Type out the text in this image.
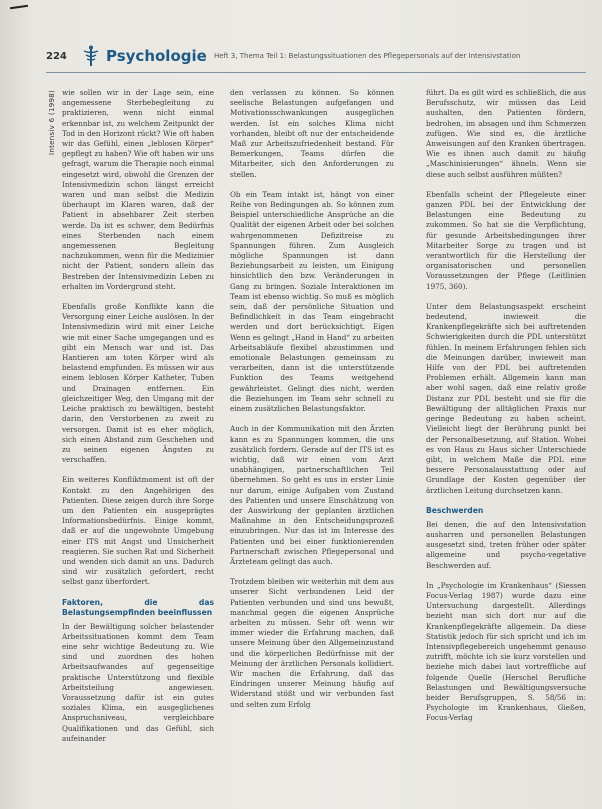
224	Psychologie Heft 3, Thema Teil 1: Belastungssituationen des Pflegepersonals auf der Intensivstation
Intensiv 6 (1998) wie sollen wir in der Lage sein, eine angemessene Sterbebegleitung zu praktizieren, wenn nicht einmal erkennbar ist, zu welchem Zeitpunkt der Tod in den Horizont rückt? Wie oft haben wir das Gefühl, einen „leblosen Körper“ gepflegt zu haben? Wie oft haben wir uns gefragt, warum die Therapie noch einmal eingesetzt wird, obwohl die Grenzen der Intensivmedizin schon längst erreicht waren und man selbst die Medizin überhaupt im Klaren waren, daß der Patient in absehbarer Zeit sterben werde. Da ist es schwer, dem Bedürfnis eines Sterbenden nach einem angemessenen Begleitung nachzukommen, wenn für die Medizinier nicht der Patient, sondern allein das Bestreben der Intensivmedizin Leben zu erhalten im Vordergrund steht.

Ebenfalls große Konflikte kann die Versorgung einer Leiche auslösen. In der Intensivmedizin wird mit einer Leiche wie mit einer Sache umgegangen und es gibt ein Mensch war und ist. Das Hantieren am toten Körper wird als belastend empfunden. Es müssen wir aus einem leblosen Körper Katheter, Tuben und Drainagen entfernen. Ein gleichzeitiger Weg, den Umgang mit der Leiche praktisch zu bewältigen, besteht darin, den Verstorbenen zu zweit zu versorgen. Damit ist es eher möglich, sich einen Abstand zum Geschehen und zu seinen eigenen Ängsten zu verschaffen.

Ein weiteres Konfliktmoment ist oft der Kontakt zu den Angehörigen des Patienten. Diese zeigen durch ihre Sorge um den Patienten ein ausgeprägtes Informationsbedürfnis. Einige kommt, daß er auf die ungewohnte Umgebung einer ITS mit Angst und Unsicherheit reagieren. Sie suchen Rat und Sicherheit und wenden sich damit an uns. Dadurch sind wir zusätzlich gefordert, recht selbst ganz überfordert.

Faktoren, die das Belastungsempfinden beeinflussen

In der Bewältigung solcher belastender Arbeitssituationen kommt dem Team eine sehr wichtige Bedeutung zu. Wie sind und zuordnen des hohen Arbeitsaufwandes auf gegenseitige praktische Unterstützung und flexible Arbeitsteilung angewiesen. Voraussetzung dafür ist ein gutes soziales Klima, ein ausgeglichenes Anspruchsniveau, vergleichbare Qualifikationen und das Gefühl, sich aufeinander

den verlassen zu können. So können seelische Belastungen aufgefangen und Motivationsschwankungen ausgeglichen werden. Ist ein solches Klima nicht vorhanden, bleibt oft nur der entscheidende Maß zur Arbeitszufriedenheit bestand. Für Bemerkungen, Teams dürfen die Mitarbeiter, sich den Anforderungen zu stellen.

Ob ein Team intakt ist, hängt von einer Reihe von Bedingungen ab. So können zum Beispiel unterschiedliche Ansprüche an die Qualität der eigenen Arbeit oder bei solchen wahrgenommenen Defizitreise zu Spannungen führen. Zum Ausgleich mögliche Spannungen ist dann Beziehungsarbeit zu leisten, um Einigung hinsichtlich den bzw. Veränderungen in Gang zu bringen. Soziale Interaktionen im Team ist ebenso wichtig. So muß es möglich sein, daß der persönliche Situation und Befindlichkeit in das Team eingebracht werden und dort berücksichtigt. Eigen Wenn es gelingt „Hand in Hand“ zu arbeiten Arbeitsabläufe flexibel abzustimmen und emotionale Belastungen gemeinsam zu verarbeiten, dann ist die unterstützende Funktion des Teams weitgehend gewährleistet. Gelingt dies nicht, werden die Beziehungen im Team sehr schnell zu einem zusätzlichen Belastungsfaktor.

Auch in der Kommunikation mit den Ärzten kann es zu Spannungen kommen, die uns zusätzlich fordern. Gerade auf der ITS ist es wichtig, daß wir einen vom Arzt unabhängigen, partnerschaftlichen Teil übernehmen. So geht es uns in erster Linie nur darum, einige Aufgaben vom Zustand des Patienten und unsere Einschätzung von der Auswirkung der geplanten ärztlichen Maßnahme in den Entscheidungsprozeß einzubringen. Nur das ist im Interesse des Patienten und bei einer funktionierenden Partnerschaft zwischen Pflegepersonal und Ärzteteam gelingt das auch.

Trotzdem bleiben wir weiterhin mit dem aus unserer Sicht verbundenen Leid der Patienten verbunden und sind uns bewußt, manchmal gegen die eigenen Ansprüche arbeiten zu müssen. Sehr oft wenn wir immer wieder die Erfahrung machen, daß unsere Meinung über den Allgemeinzustand und die körperlichen Bedürfnisse mit der Meinung der ärztlichen Personals kollidiert. Wir machen die Erfahrung, daß das Eindringen unserer Meinung häufig auf Widerstand stößt und wir verbunden fast und selten zum Erfolg

führt. Da es gilt wird es schließlich, die aus Berufsschutz, wir müssen das Leid aushalten, den Patienten fördern, bedrohen, im absagen und ihm Schmerzen zufügen. Wie sind es, die ärztliche Anweisungen auf den Kranken übertragen. Wie es ihnen auch damit zu häufig „Maschinisierungen“ ähneln. Wenn sie diese auch selbst ausführen müßten?

Ebenfalls scheint der Pflegeleute einer ganzen PDL bei der Entwicklung der Belastungen eine Bedeutung zu zukommen. So hat sie die Verpflichtung, für gesunde Arbeitsbedingungen ihrer Mitarbeiter Sorge zu tragen und ist verantwortlich für die Herstellung der organisatorischen und personellen Voraussetzungen der Pflege (Leitlinien 1975, 360).

Unter dem Belastungsaspekt erscheint bedeutend, inwieweit die Krankenpflegekräfte sich bei auftretenden Schwierigkeiten durch die PDL unterstützt fühlen. In meinem Erfahrungen fehlen sich die Meinungen darüber, inwieweit man Hilfe von der PDL bei auftretenden Problemen erhält. Allgemein kann man aber wohl sagen, daß eine relativ große Distanz zur PDL besteht und sie für die Bewältigung der alltäglichen Praxis nur geringe Bedeutung zu haben scheint. Vielleicht liegt der Berührung punkt bei der Personalbesetzung, auf Station. Wobei es von Haus zu Haus sicher Unterschiede gibt, in welchem Maße die PDL eine bessere Personalausstattung oder auf Grundlage der Kosten gegenüber der ärztlichen Leitung durchsetzen kann.

Beschwerden

Bei denen, die auf den Intensivstation ausharren und personellen Belastungen ausgesetzt sind, treten früher oder später allgemeine und psycho-vegetative Beschwerden auf.

In „Psychologie im Krankenhaus“ (Siessen Focus-Verlag 1987) wurde dazu eine Untersuchung dargestellt. Allerdings bezieht man sich dort nur auf die Krankenpflegekräfte allgemein. Da diese Statistik jedoch für sich spricht und ich im Intensivpflegebereich ungehemmt genauso zutrifft, möchte ich sie kurz vorstellen und beziehe mich dabei laut vortreffliche auf folgende Quelle (Herschel Berufliche Belastungen und Bewältigungsversuche beider Berufsgruppen, S. 58/56 in: Psychologie im Krankenhaus, Gießen, Focus-Verlag
